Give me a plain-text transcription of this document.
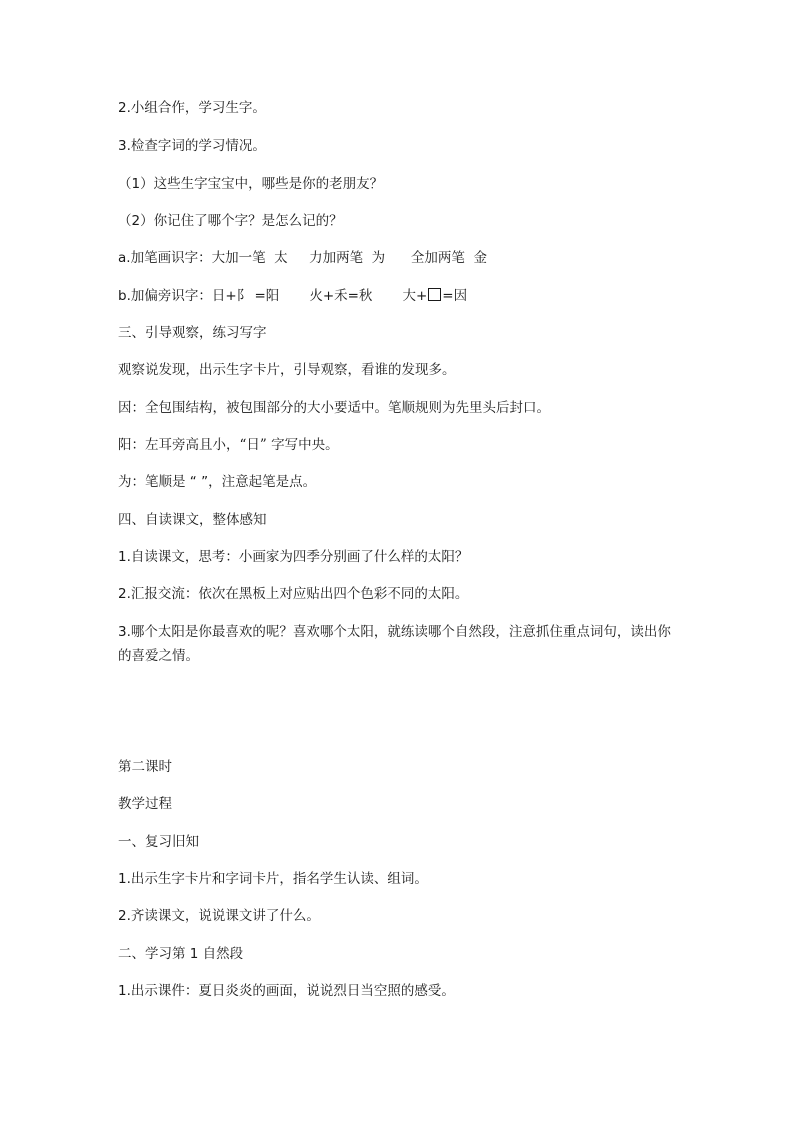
2.小组合作，学习生字。
3.检查字词的学习情况。
（1）这些生字宝宝中，哪些是你的老朋友？
（2）你记住了哪个字？是怎么记的？
a.加笔画识字：大加一笔  太     力加两笔  为      全加两笔  金
b.加偏旁识字：日+阝 =阳       火+禾=秋       大+ =因
三、引导观察，练习写字
观察说发现，出示生字卡片，引导观察，看谁的发现多。
因：全包围结构，被包围部分的大小要适中。笔顺规则为先里头后封口。
阳：左耳旁高且小，“日” 字写中央。
为：笔顺是 “ ”，注意起笔是点。
四、自读课文，整体感知
1.自读课文，思考：小画家为四季分别画了什么样的太阳？
2.汇报交流：依次在黑板上对应贴出四个色彩不同的太阳。
3.哪个太阳是你最喜欢的呢？喜欢哪个太阳，就练读哪个自然段，注意抓住重点词句，读出你的喜爱之情。
第二课时
教学过程
一、复习旧知
1.出示生字卡片和字词卡片，指名学生认读、组词。
2.齐读课文，说说课文讲了什么。
二、学习第 1 自然段
1.出示课件：夏日炎炎的画面，说说烈日当空照的感受。
